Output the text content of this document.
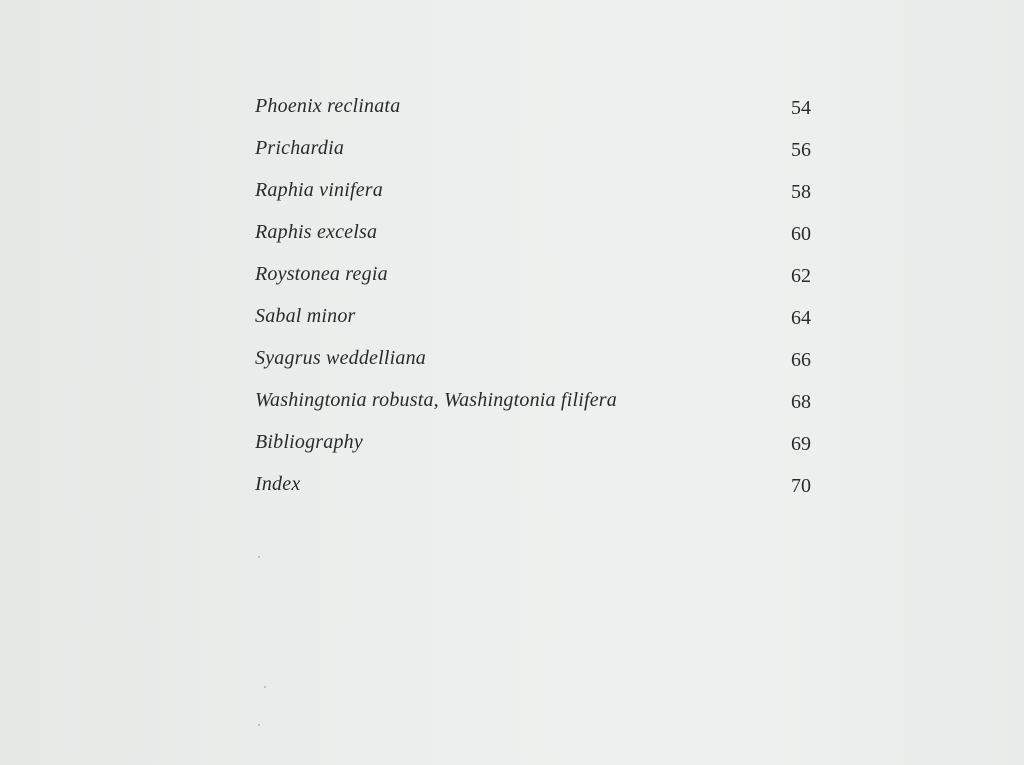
Phoenix reclinata	54
Prichardia	56
Raphia vinifera	58
Raphis excelsa	60
Roystonea regia	62
Sabal minor	64
Syagrus weddelliana	66
Washingtonia robusta, Washingtonia filifera	68
Bibliography	69
Index	70
